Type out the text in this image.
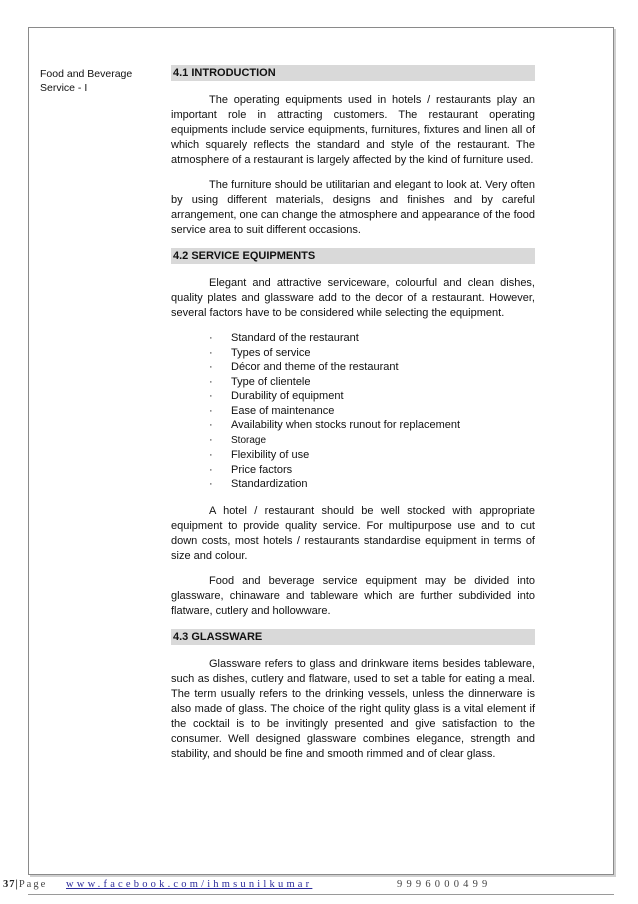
Food and Beverage
Service - I
4.1 INTRODUCTION

The operating equipments used in hotels / restaurants play an important role in attracting customers. The restaurant operating equipments include service equipments, furnitures, fixtures and linen all of which squarely reflects the standard and style of the restaurant. The atmosphere of a restaurant is largely affected by the kind of furniture used.

The furniture should be utilitarian and elegant to look at. Very often by using different materials, designs and finishes and by careful arrangement, one can change the atmosphere and appearance of the food service area to suit different occasions.

4.2 SERVICE EQUIPMENTS

Elegant and attractive serviceware, colourful and clean dishes, quality plates and glassware add to the decor of a restaurant. However, several factors have to be considered while selecting the equipment.

· Standard of the restaurant
· Types of service
· Décor and theme of the restaurant
· Type of clientele
· Durability of equipment
· Ease of maintenance
· Availability when stocks runout for replacement
· Storage
· Flexibility of use
· Price factors
· Standardization

A hotel / restaurant should be well stocked with appropriate equipment to provide quality service. For multipurpose use and to cut down costs, most hotels / restaurants standardise equipment in terms of size and colour.

Food and beverage service equipment may be divided into glassware, chinaware and tableware which are further subdivided into flatware, cutlery and hollowware.

4.3 GLASSWARE

Glassware refers to glass and drinkware items besides tableware, such as dishes, cutlery and flatware, used to set a table for eating a meal. The term usually refers to the drinking vessels, unless the dinnerware is also made of glass. The choice of the right qulity glass is a vital element if the cocktail is to be invitingly presented and give satisfaction to the consumer. Well designed glassware combines elegance, strength and stability, and should be fine and smooth rimmed and of clear glass.

37|Page www.facebook.com/ihmsunilkumar	9996000499
